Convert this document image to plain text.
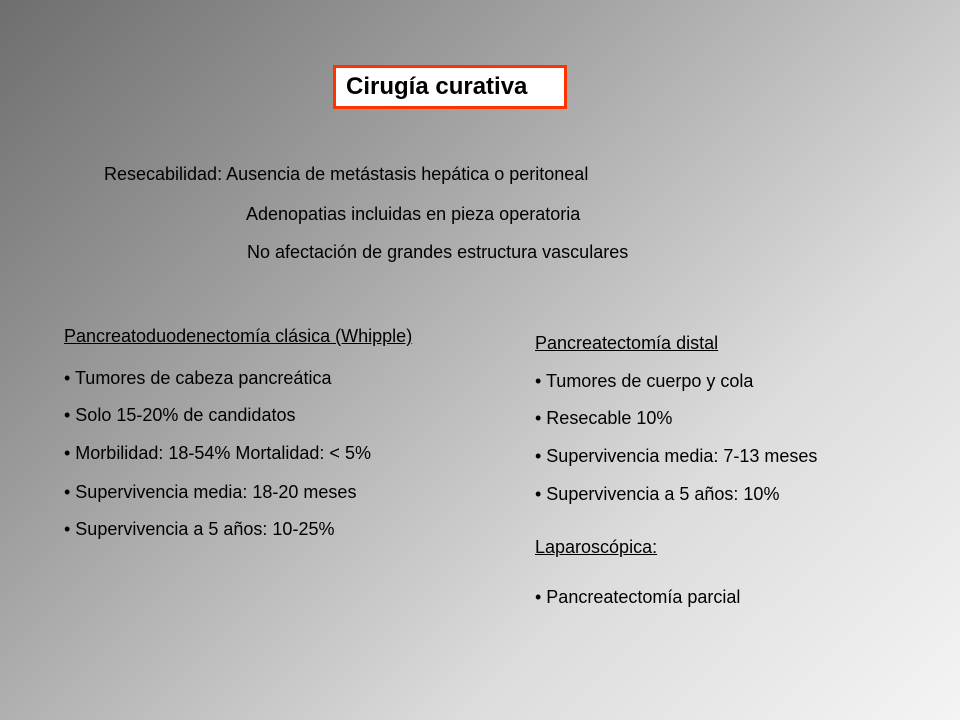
Cirugía curativa
Resecabilidad: Ausencia de metástasis hepática o peritoneal
Adenopatias incluidas en pieza operatoria
No afectación de grandes estructura vasculares
Pancreatoduodenectomía clásica (Whipple)
• Tumores de cabeza pancreática
• Solo 15-20% de candidatos
• Morbilidad: 18-54% Mortalidad: < 5%
• Supervivencia media: 18-20 meses
• Supervivencia a 5 años: 10-25%
Pancreatectomía distal
• Tumores de cuerpo y cola
• Resecable 10%
• Supervivencia media: 7-13 meses
• Supervivencia a 5 años: 10%
Laparoscópica:
• Pancreatectomía parcial
